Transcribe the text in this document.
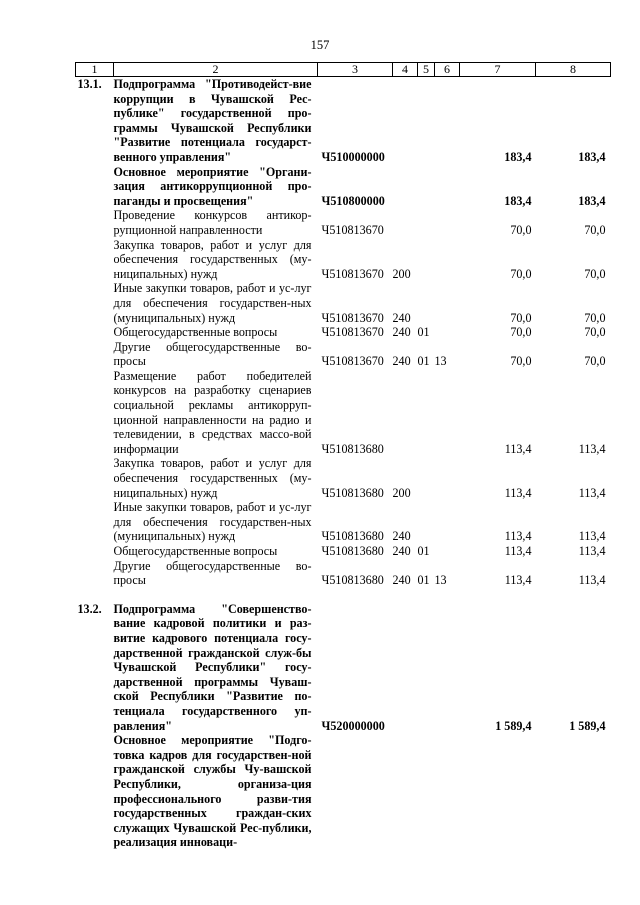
157
1	2	3	4	5	6	7	8
13.1.	Подпрограмма "Противодейст-вие коррупции в Чувашской Рес-публике" государственной про-граммы Чувашской Республики "Развитие потенциала государст-венного управления"	Ч510000000				183,4	183,4
	Основное мероприятие "Органи-зация антикоррупционной про-паганды и просвещения"	Ч510800000				183,4	183,4
	Проведение конкурсов антикор-рупционной направленности	Ч510813670				70,0	70,0
	Закупка товаров, работ и услуг для обеспечения государственных (му-ниципальных) нужд	Ч510813670	200			70,0	70,0
	Иные закупки товаров, работ и ус-луг для обеспечения государствен-ных (муниципальных) нужд	Ч510813670	240			70,0	70,0
	Общегосударственные вопросы	Ч510813670	240	01		70,0	70,0
	Другие общегосударственные во-просы	Ч510813670	240	01	13	70,0	70,0
	Размещение работ победителей конкурсов на разработку сценариев социальной рекламы антикорруп-ционной направленности на радио и телевидении, в средствах массо-вой информации	Ч510813680				113,4	113,4
	Закупка товаров, работ и услуг для обеспечения государственных (му-ниципальных) нужд	Ч510813680	200			113,4	113,4
	Иные закупки товаров, работ и ус-луг для обеспечения государствен-ных (муниципальных) нужд	Ч510813680	240			113,4	113,4
	Общегосударственные вопросы	Ч510813680	240	01		113,4	113,4
	Другие общегосударственные во-просы	Ч510813680	240	01	13	113,4	113,4

13.2.	Подпрограмма "Совершенство-вание кадровой политики и раз-витие кадрового потенциала госу-дарственной гражданской служ-бы Чувашской Республики" госу-дарственной программы Чуваш-ской Республики "Развитие по-тенциала государственного уп-равления"	Ч520000000				1 589,4	1 589,4
	Основное мероприятие "Подго-товка кадров для государствен-ной гражданской службы Чу-вашской Республики, организа-ция профессионального разви-тия государственных граждан-ских служащих Чувашской Рес-публики, реализация инноваци-						
